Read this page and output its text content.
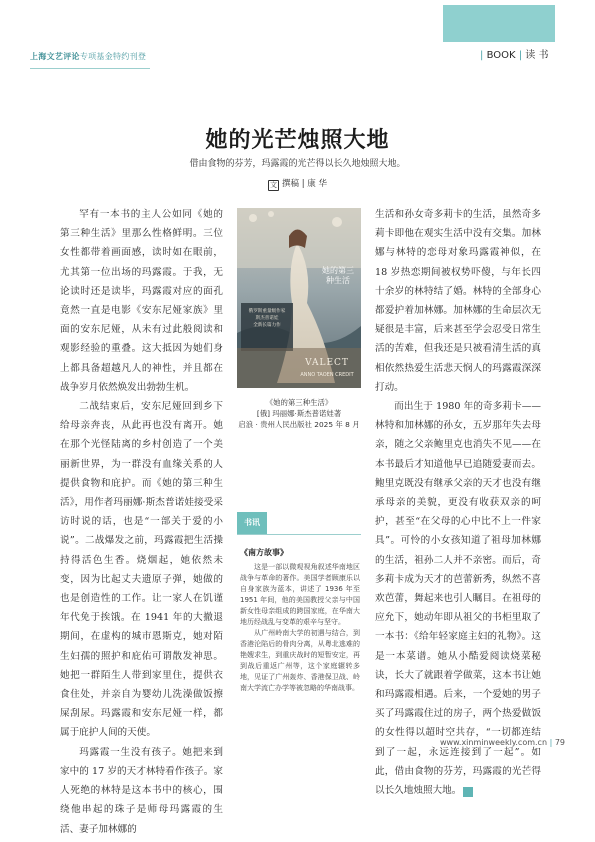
上海文艺评论专项基金特约刊登	| BOOK | 读 书
她的光芒烛照大地
借由食物的芬芳，玛露霞的光芒得以长久地烛照大地。
文 撰稿 | 康 华

罕有一本书的主人公如同《她的第三种生活》里那么性格鲜明。三位女性都带着画面感，读时如在眼前，尤其第一位出场的玛露霞。于我，无论读时还是读毕，玛露霞对应的面孔竟然一直是电影《安东尼娅家族》里面的安东尼娅，从未有过此般阅读和观影经验的重叠。这大抵因为她们身上都具备超越凡人的神性，并且都在战争岁月依然焕发出勃勃生机。

二战结束后，安东尼娅回到乡下给母亲奔丧，从此再也没有离开。她在那个光怪陆离的乡村创造了一个美丽新世界，为一群没有血缘关系的人提供食物和庇护。而《她的第三种生活》，用作者玛丽娜·斯杰普诺娃接受采访时说的话，也是“一部关于爱的小说”。二战爆发之前，玛露霞把生活操持得活色生香。烧烟起，她依然未变，因为比起丈夫遗原子弹，她做的也是创造性的工作。让一家人在饥谨年代免于挨饿。在 1941 年的大撤退期间，在虚构的城市恩斯克，她对陌生妇孺的照护和庇佑可谓散发神思。她把一群陌生人带到家里住，提供衣食住处，并亲自为婴幼儿洗澡做饭擦屎刮尿。玛露霞和安东尼娅一样，都属于庇护人间的天使。

玛露霞一生没有孩子。她把来到家中的 17 岁的天才林特看作孩子。家人死绝的林特是这本书中的核心，围绕他串起的珠子是师母玛露霞的生活、妻子加林娜的

她的第三种生活
俄罗斯重量级作家
斯杰普诺娃
全新长篇力作
VALECT
ANNO TAOEN CREDIT
《她的第三种生活》
[俄] 玛丽娜·斯杰普诺娃著
启浪 · 贵州人民出版社 2025 年 8 月
书讯
《南方故事》

这是一部以微观视角叙述华南地区战争与革命的著作。美国学者顾康乐以自身家族为蓝本，讲述了 1936 年至 1951 年间，他的美国教授父亲与中国新女性母亲组成的跨国家庭，在华南大地历经战乱与变革的艰辛与坚守。

从广州岭南大学的初遇与结合，到香港沦陷后的骨肉分离，从粤北逃难的艳嫂求生，到重庆战时的短暂安定，再到战后重返广州等，这个家庭辗转多地，见证了广州轰炸、香港保卫战、岭南大学流亡办学等被忽略的华南战事。

生活和孙女奇多莉卡的生活，虽然奇多莉卡即他在观实生活中没有交集。加林娜与林特的恋母对象玛露霞神似，在 18 岁热恋期间被权势吓傻，与年长四十余岁的林特结了婚。林特的全部身心都爱护着加林娜。加林娜的生命层次无疑很是丰富，后来甚至学会忍受日常生活的苦难，但我还是只被看清生活的真相依然热爱生活悲天悯人的玛露霞深深打动。

而出生于 1980 年的奇多莉卡——林特和加林娜的孙女，五岁那年失去母亲，随之父亲鲍里克也消失不见——在本书最后才知道他早已追随爱妻而去。鲍里克既没有继承父亲的天才也没有继承母亲的美貌，更没有收获双亲的呵护，甚至“在父母的心中比不上一件家具”。可怜的小女孩知道了祖母加林娜的生活，祖孙二人并不亲密。而后，奇多莉卡成为天才的芭蕾新秀，纵然不喜欢芭蕾，舞起来也引人瞩目。在祖母的应允下，她动年即从祖父的书柜里取了一本书：《给年轻家庭主妇的礼物》。这是一本菜谱。她从小酷爱阅读烧菜秘诀，长大了就跟着学做菜，这本书让她和玛露霞相遇。后来，一个爱她的男子买了玛露霞住过的房子，两个热爱做饭的女性得以超时空共存，“一切都连结到了一起，永远连接到了一起”。如此，借由食物的芬芳，玛露霞的光芒得以长久地烛照大地。	民

www.xinminweekly.com.cn | 79
